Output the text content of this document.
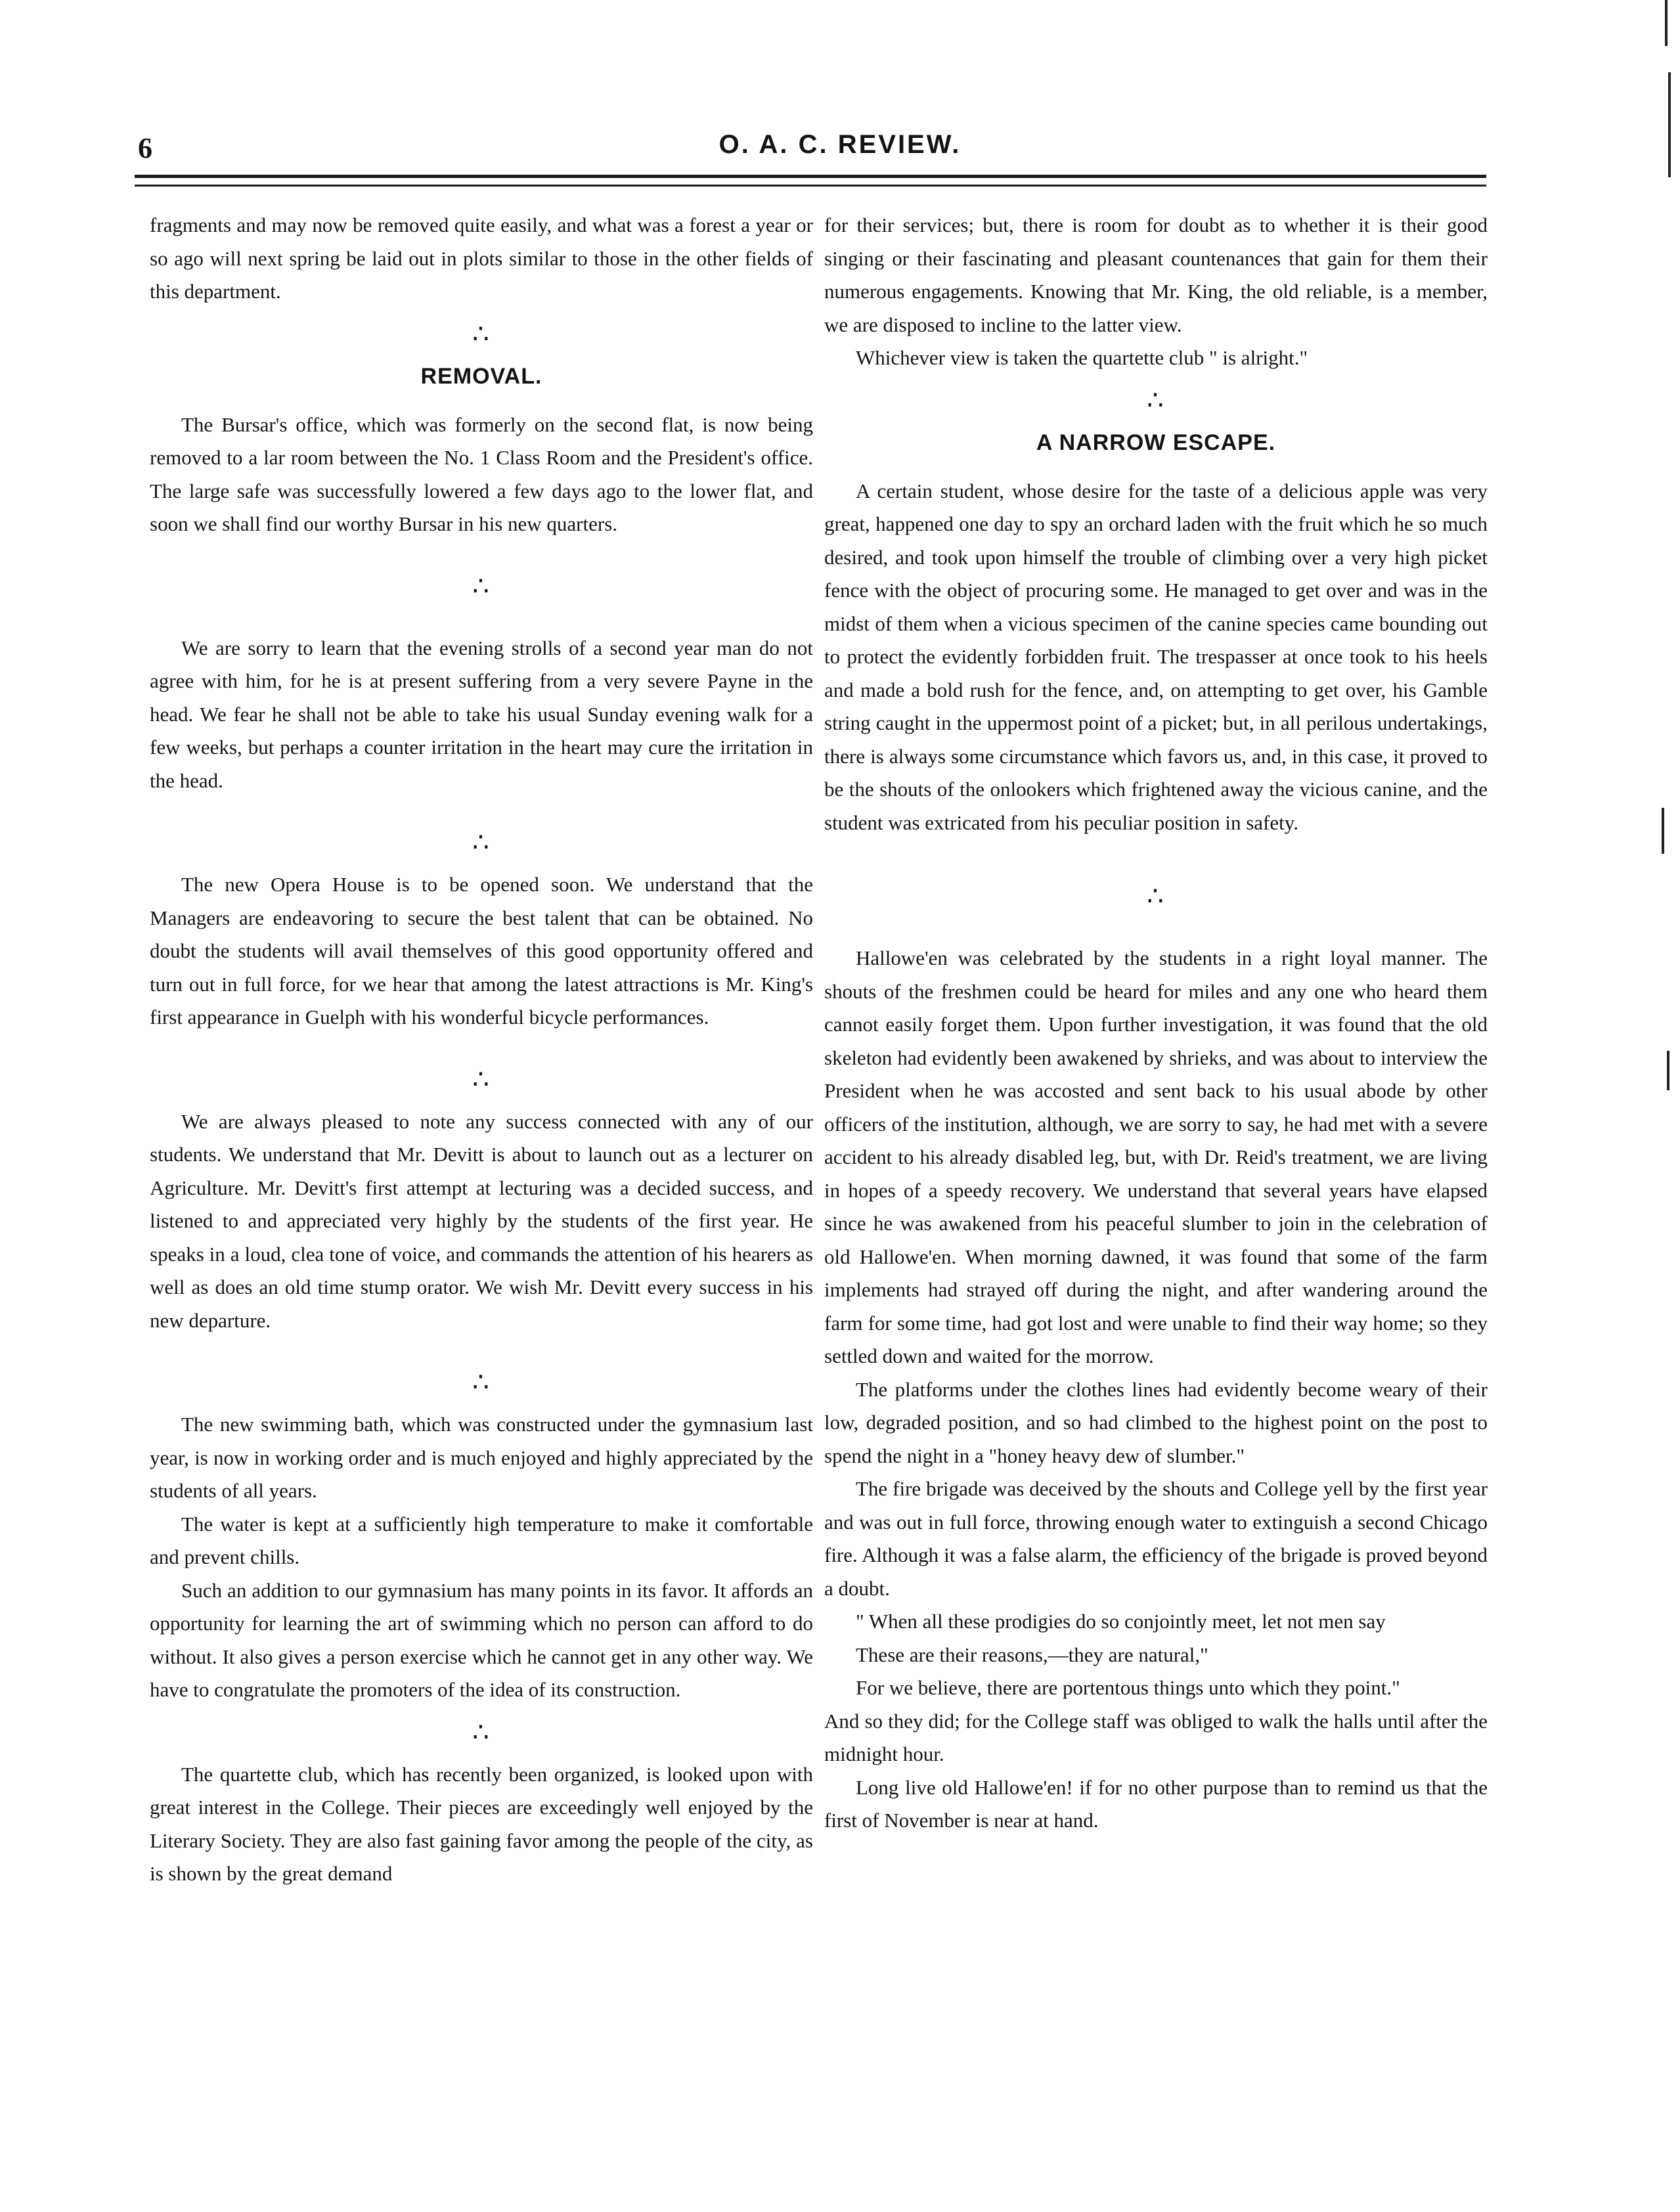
6	O. A. C. REVIEW.

fragments and may now be removed quite easily, and what was a forest a year or so ago will next spring be laid out in plots similar to those in the other fields of this department.

∴
REMOVAL.

The Bursar's office, which was formerly on the second flat, is now being removed to a lar room between the No. 1 Class Room and the President's office. The large safe was successfully lowered a few days ago to the lower flat, and soon we shall find our worthy Bursar in his new quarters.

∴

We are sorry to learn that the evening strolls of a second year man do not agree with him, for he is at present suffering from a very severe Payne in the head. We fear he shall not be able to take his usual Sunday evening walk for a few weeks, but perhaps a counter irritation in the heart may cure the irritation in the head.

∴

The new Opera House is to be opened soon. We understand that the Managers are endeavoring to secure the best talent that can be obtained. No doubt the students will avail themselves of this good opportunity offered and turn out in full force, for we hear that among the latest attractions is Mr. King's first appearance in Guelph with his wonderful bicycle performances.

∴

We are always pleased to note any success connected with any of our students. We understand that Mr. Devitt is about to launch out as a lecturer on Agriculture. Mr. Devitt's first attempt at lecturing was a decided success, and listened to and appreciated very highly by the students of the first year. He speaks in a loud, clea tone of voice, and commands the attention of his hearers as well as does an old time stump orator. We wish Mr. Devitt every success in his new departure.

∴

The new swimming bath, which was constructed under the gymnasium last year, is now in working order and is much enjoyed and highly appreciated by the students of all years.

The water is kept at a sufficiently high temperature to make it comfortable and prevent chills.

Such an addition to our gymnasium has many points in its favor. It affords an opportunity for learning the art of swimming which no person can afford to do without. It also gives a person exercise which he cannot get in any other way. We have to congratulate the promoters of the idea of its construction.

∴

The quartette club, which has recently been organized, is looked upon with great interest in the College. Their pieces are exceedingly well enjoyed by the Literary Society. They are also fast gaining favor among the people of the city, as is shown by the great demand

for their services; but, there is room for doubt as to whether it is their good singing or their fascinating and pleasant countenances that gain for them their numerous engagements. Knowing that Mr. King, the old reliable, is a member, we are disposed to incline to the latter view.

Whichever view is taken the quartette club " is alright."

∴
A NARROW ESCAPE.

A certain student, whose desire for the taste of a delicious apple was very great, happened one day to spy an orchard laden with the fruit which he so much desired, and took upon himself the trouble of climbing over a very high picket fence with the object of procuring some. He managed to get over and was in the midst of them when a vicious specimen of the canine species came bounding out to protect the evidently forbidden fruit. The trespasser at once took to his heels and made a bold rush for the fence, and, on attempting to get over, his Gamble string caught in the uppermost point of a picket; but, in all perilous undertakings, there is always some circumstance which favors us, and, in this case, it proved to be the shouts of the onlookers which frightened away the vicious canine, and the student was extricated from his peculiar position in safety.

∴

Hallowe'en was celebrated by the students in a right loyal manner. The shouts of the freshmen could be heard for miles and any one who heard them cannot easily forget them. Upon further investigation, it was found that the old skeleton had evidently been awakened by shrieks, and was about to interview the President when he was accosted and sent back to his usual abode by other officers of the institution, although, we are sorry to say, he had met with a severe accident to his already disabled leg, but, with Dr. Reid's treatment, we are living in hopes of a speedy recovery. We understand that several years have elapsed since he was awakened from his peaceful slumber to join in the celebration of old Hallowe'en. When morning dawned, it was found that some of the farm implements had strayed off during the night, and after wandering around the farm for some time, had got lost and were unable to find their way home; so they settled down and waited for the morrow.

The platforms under the clothes lines had evidently become weary of their low, degraded position, and so had climbed to the highest point on the post to spend the night in a "honey heavy dew of slumber."

The fire brigade was deceived by the shouts and College yell by the first year and was out in full force, throwing enough water to extinguish a second Chicago fire. Although it was a false alarm, the efficiency of the brigade is proved beyond a doubt.

" When all these prodigies do so conjointly meet, let not men say
These are their reasons,—they are natural,"
For we believe, there are portentous things unto which they point."

And so they did; for the College staff was obliged to walk the halls until after the midnight hour.

Long live old Hallowe'en! if for no other purpose than to remind us that the first of November is near at hand.
